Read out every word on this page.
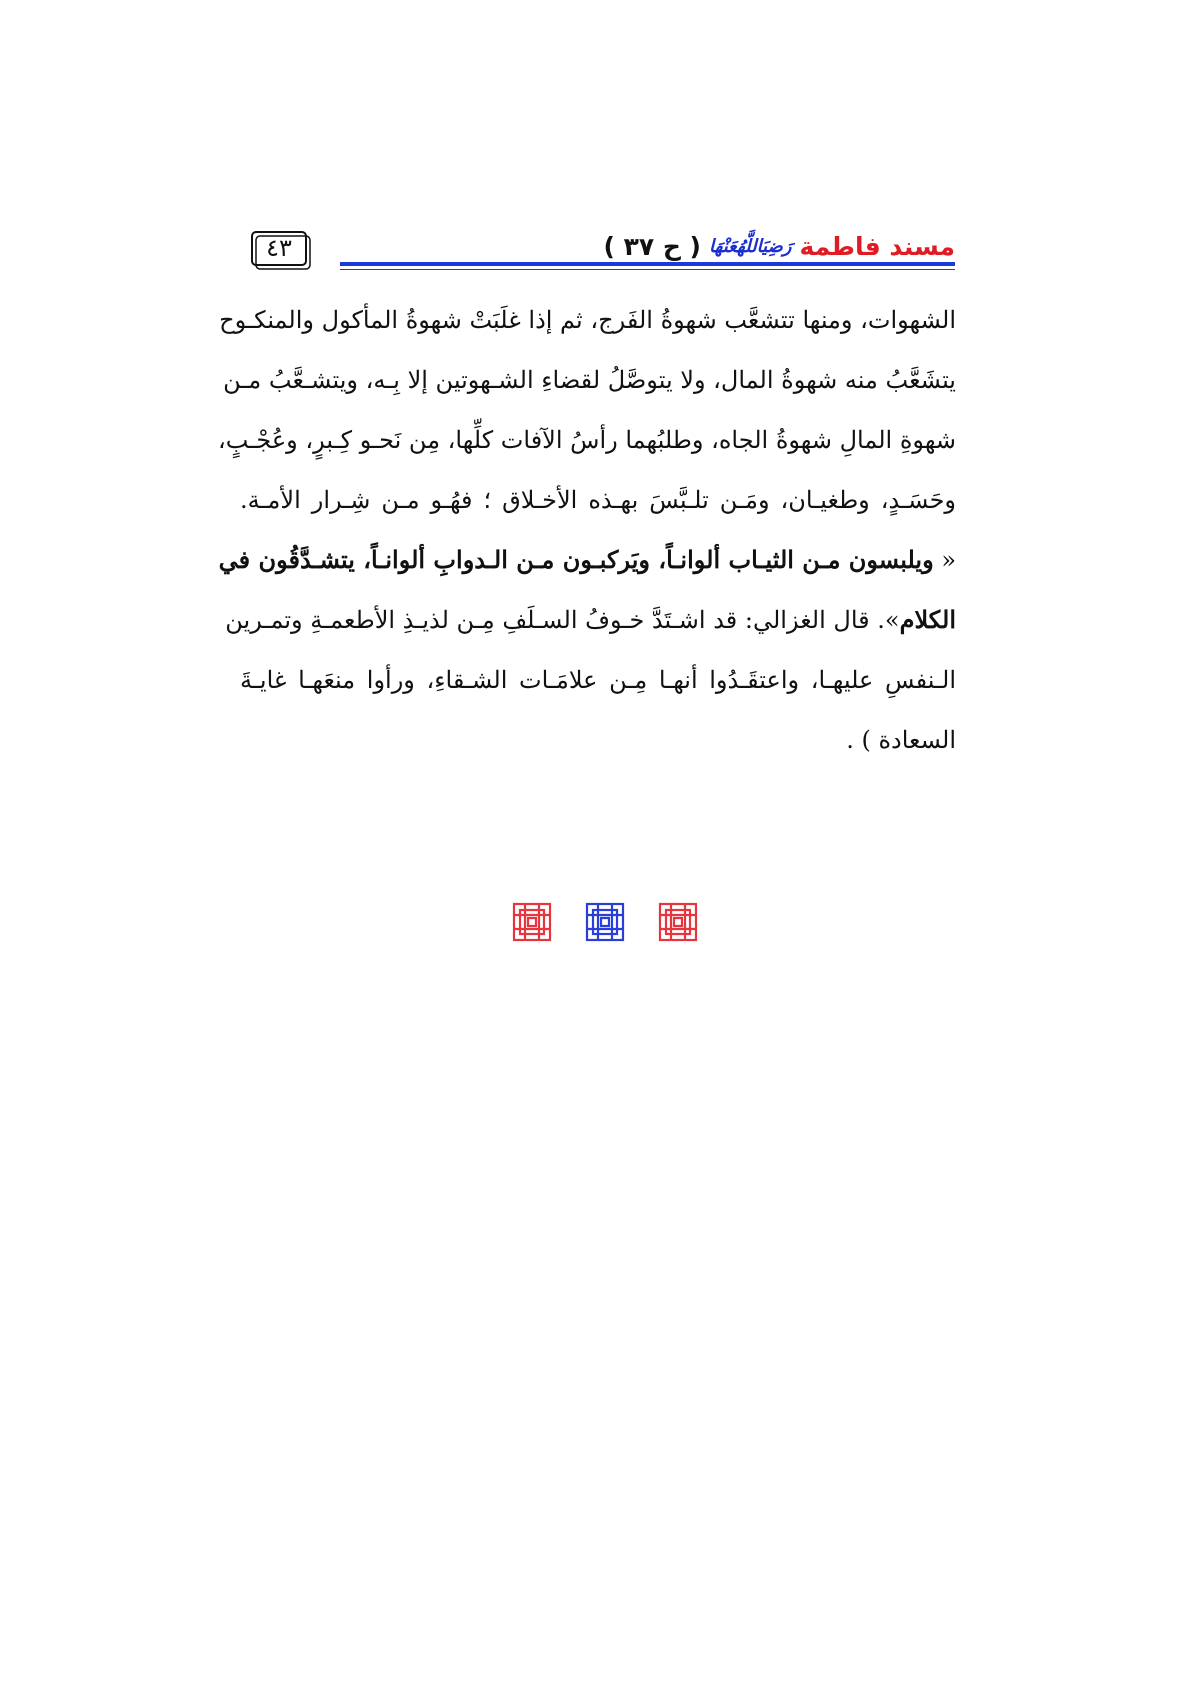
٤٣	مسند فاطمة
رَضِيَاللَّهُعَنْهَا
( ح ٣٧ )
الشهوات، ومنها تتشعَّب شهوةُ الفَرج، ثم إذا غلَبَتْ شهوةُ المأكول والمنكـوح
يتشَعَّبُ منه شهوةُ المال، ولا يتوصَّلُ لقضاءِ الشـهوتين إلا بِـه، ويتشـعَّبُ مـن
شهوةِ المالِ شهوةُ الجاه، وطلبُهما رأسُ الآفات كلِّها، مِن نَحـو كِـبرٍ، وعُجْـبٍ،
وحَسَـدٍ، وطغيـان، ومَـن تلـبَّسَ بهـذه الأخـلاق ؛ فهُـو مـن شِـرار الأمـة.
« ويلبسون مـن الثيـاب ألوانـاً، ويَركبـون مـن الـدوابِ ألوانـاً، يتشـدَّقُون في
الكلام». قال الغزالي: قد اشـتَدَّ خـوفُ السـلَفِ مِـن لذيـذِ الأطعمـةِ وتمـرين
الـنفسِ عليهـا، واعتقَـدُوا أنهـا مِـن علامَـات الشـقاءِ، ورأوا منعَهـا غايـةَ
السعادة ) .
